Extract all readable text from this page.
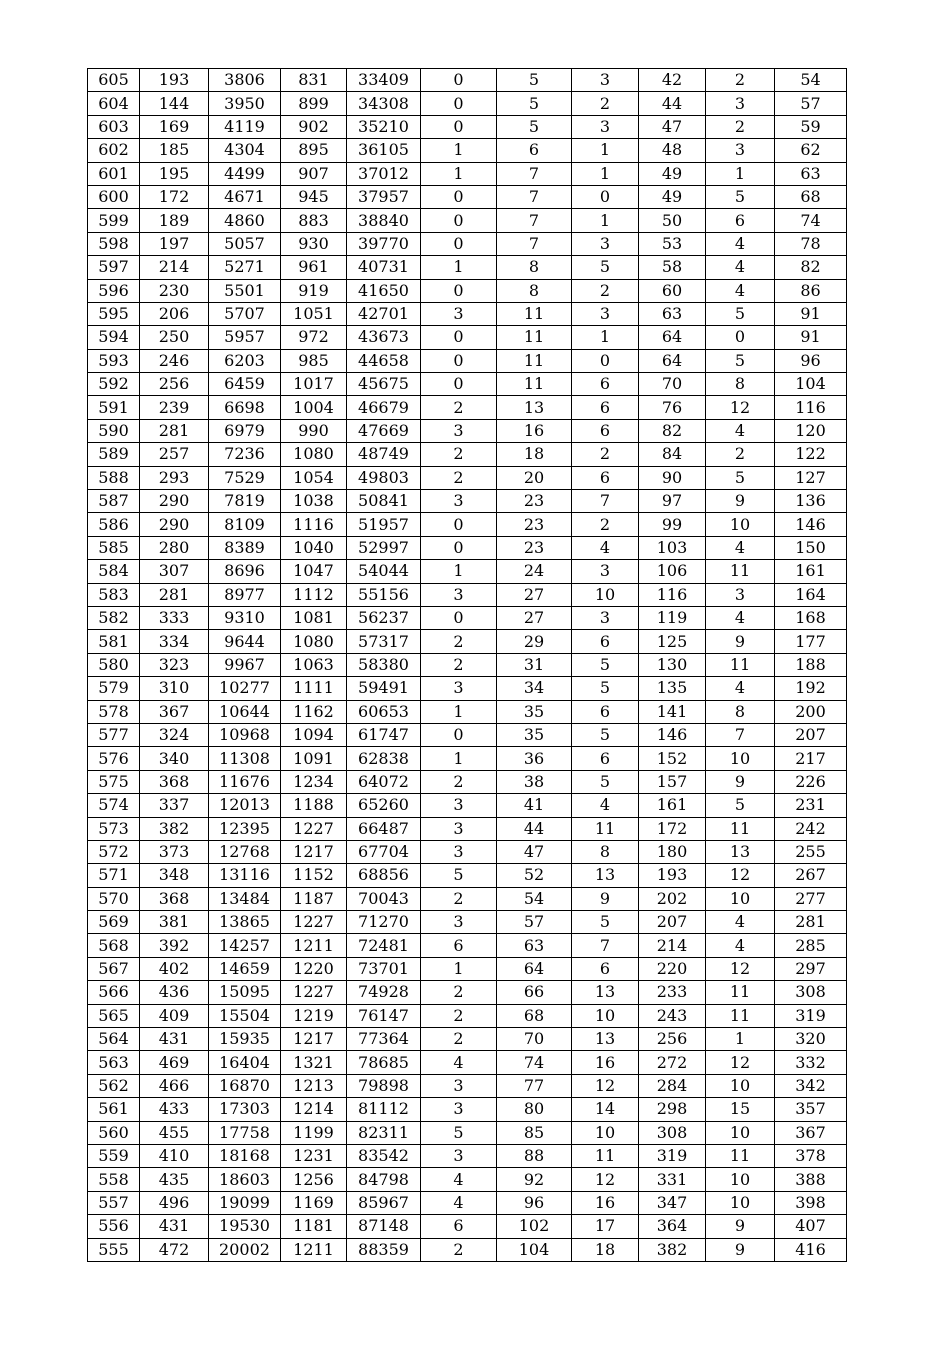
605	193	3806	831	33409	0	5	3	42	2	54
604	144	3950	899	34308	0	5	2	44	3	57
603	169	4119	902	35210	0	5	3	47	2	59
602	185	4304	895	36105	1	6	1	48	3	62
601	195	4499	907	37012	1	7	1	49	1	63
600	172	4671	945	37957	0	7	0	49	5	68
599	189	4860	883	38840	0	7	1	50	6	74
598	197	5057	930	39770	0	7	3	53	4	78
597	214	5271	961	40731	1	8	5	58	4	82
596	230	5501	919	41650	0	8	2	60	4	86
595	206	5707	1051	42701	3	11	3	63	5	91
594	250	5957	972	43673	0	11	1	64	0	91
593	246	6203	985	44658	0	11	0	64	5	96
592	256	6459	1017	45675	0	11	6	70	8	104
591	239	6698	1004	46679	2	13	6	76	12	116
590	281	6979	990	47669	3	16	6	82	4	120
589	257	7236	1080	48749	2	18	2	84	2	122
588	293	7529	1054	49803	2	20	6	90	5	127
587	290	7819	1038	50841	3	23	7	97	9	136
586	290	8109	1116	51957	0	23	2	99	10	146
585	280	8389	1040	52997	0	23	4	103	4	150
584	307	8696	1047	54044	1	24	3	106	11	161
583	281	8977	1112	55156	3	27	10	116	3	164
582	333	9310	1081	56237	0	27	3	119	4	168
581	334	9644	1080	57317	2	29	6	125	9	177
580	323	9967	1063	58380	2	31	5	130	11	188
579	310	10277	1111	59491	3	34	5	135	4	192
578	367	10644	1162	60653	1	35	6	141	8	200
577	324	10968	1094	61747	0	35	5	146	7	207
576	340	11308	1091	62838	1	36	6	152	10	217
575	368	11676	1234	64072	2	38	5	157	9	226
574	337	12013	1188	65260	3	41	4	161	5	231
573	382	12395	1227	66487	3	44	11	172	11	242
572	373	12768	1217	67704	3	47	8	180	13	255
571	348	13116	1152	68856	5	52	13	193	12	267
570	368	13484	1187	70043	2	54	9	202	10	277
569	381	13865	1227	71270	3	57	5	207	4	281
568	392	14257	1211	72481	6	63	7	214	4	285
567	402	14659	1220	73701	1	64	6	220	12	297
566	436	15095	1227	74928	2	66	13	233	11	308
565	409	15504	1219	76147	2	68	10	243	11	319
564	431	15935	1217	77364	2	70	13	256	1	320
563	469	16404	1321	78685	4	74	16	272	12	332
562	466	16870	1213	79898	3	77	12	284	10	342
561	433	17303	1214	81112	3	80	14	298	15	357
560	455	17758	1199	82311	5	85	10	308	10	367
559	410	18168	1231	83542	3	88	11	319	11	378
558	435	18603	1256	84798	4	92	12	331	10	388
557	496	19099	1169	85967	4	96	16	347	10	398
556	431	19530	1181	87148	6	102	17	364	9	407
555	472	20002	1211	88359	2	104	18	382	9	416
